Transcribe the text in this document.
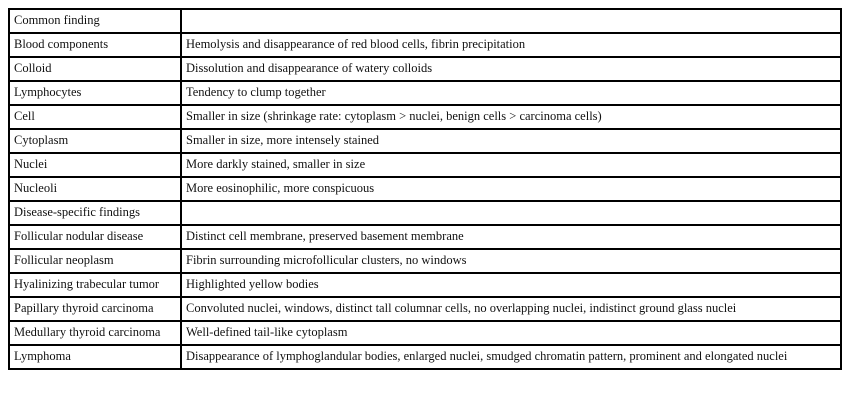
Common finding	
Blood components	Hemolysis and disappearance of red blood cells, fibrin precipitation
Colloid	Dissolution and disappearance of watery colloids
Lymphocytes	Tendency to clump together
Cell	Smaller in size (shrinkage rate: cytoplasm > nuclei, benign cells > carcinoma cells)
Cytoplasm	Smaller in size, more intensely stained
Nuclei	More darkly stained, smaller in size
Nucleoli	More eosinophilic, more conspicuous
Disease-specific findings	
Follicular nodular disease	Distinct cell membrane, preserved basement membrane
Follicular neoplasm	Fibrin surrounding microfollicular clusters, no windows
Hyalinizing trabecular tumor	Highlighted yellow bodies
Papillary thyroid carcinoma	Convoluted nuclei, windows, distinct tall columnar cells, no overlapping nuclei, indistinct ground glass nuclei
Medullary thyroid carcinoma	Well-defined tail-like cytoplasm
Lymphoma	Disappearance of lymphoglandular bodies, enlarged nuclei, smudged chromatin pattern, prominent and elongated nuclei
